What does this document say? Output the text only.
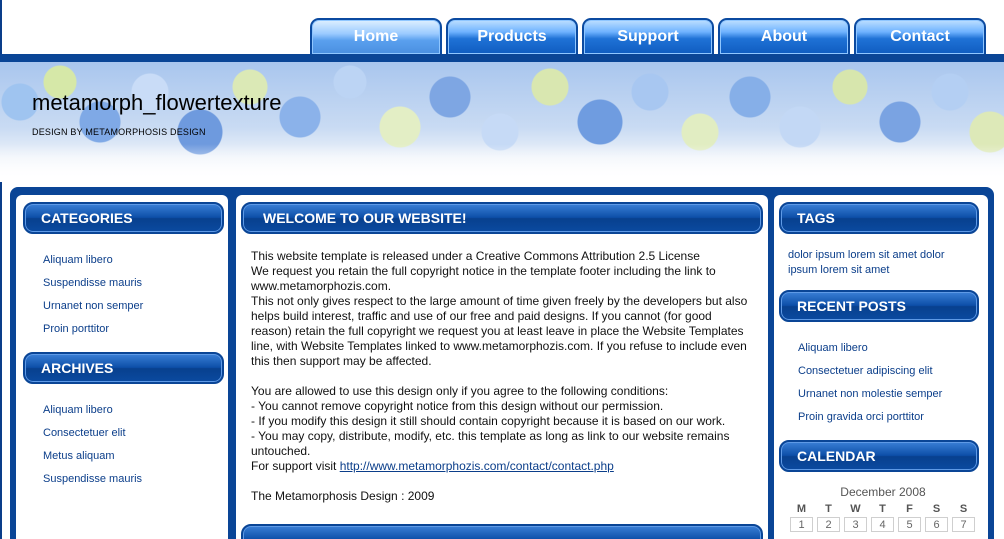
Home	Products	Support	About	Contact
metamorph_flowertexture
DESIGN BY METAMORPHOSIS DESIGN
CATEGORIES
Aliquam libero
Suspendisse mauris
Urnanet non semper
Proin porttitor
ARCHIVES
Aliquam libero
Consectetuer elit
Metus aliquam
Suspendisse mauris
WELCOME TO OUR WEBSITE!

This website template is released under a Creative Commons Attribution 2.5 License

We request you retain the full copyright notice in the template footer including the link to www.metamorphozis.com.

This not only gives respect to the large amount of time given freely by the developers but also helps build interest, traffic and use of our free and paid designs. If you cannot (for good reason) retain the full copyright we request you at least leave in place the Website Templates line, with Website Templates linked to www.metamorphozis.com. If you refuse to include even this then support may be affected.

You are allowed to use this design only if you agree to the following conditions:

- You cannot remove copyright notice from this design without our permission.

- If you modify this design it still should contain copyright because it is based on our work.

- You may copy, distribute, modify, etc. this template as long as link to our website remains untouched.

For support visit http://www.metamorphozis.com/contact/contact.php

The Metamorphosis Design : 2009

TAGS
dolor ipsum lorem sit amet dolor ipsum lorem sit amet
RECENT POSTS
Aliquam libero
Consectetuer adipiscing elit
Urnanet non molestie semper
Proin gravida orci porttitor
CALENDAR
December 2008
M	T	W	T	F	S	S
1	2	3	4	5	6	7
